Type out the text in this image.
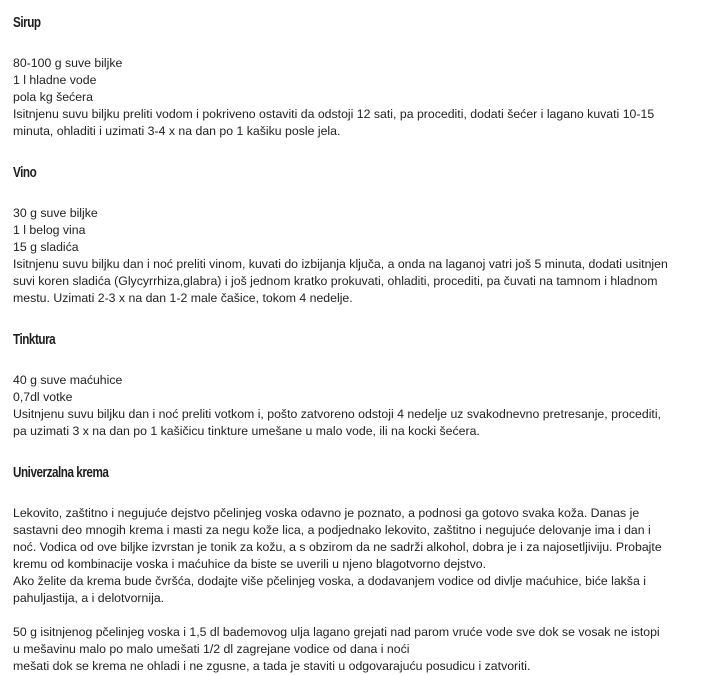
Sirup

80-100 g suve biljke

1 l hladne vode

pola kg šećera

Isitnjenu suvu biljku preliti vodom i pokriveno ostaviti da odstoji 12 sati, pa procediti, dodati šećer i lagano kuvati 10-15

minuta, ohladiti i uzimati 3-4 x na dan po 1 kašiku posle jela.

Vino

30 g suve biljke

1 l belog vina

15 g sladića

Isitnjenu suvu biljku dan i noć preliti vinom, kuvati do izbijanja ključa, a onda na laganoj vatri još 5 minuta, dodati usitnjen

suvi koren sladića (Glycyrrhiza,glabra) i još jednom kratko prokuvati, ohladiti, procediti, pa čuvati na tamnom i hladnom

mestu. Uzimati 2-3 x na dan 1-2 male čašice, tokom 4 nedelje.

Tinktura

40 g suve maćuhice

0,7dl votke

Usitnjenu suvu biljku dan i noć preliti votkom i, pošto zatvoreno odstoji 4 nedelje uz svakodnevno pretresanje, procediti,

pa uzimati 3 x na dan po 1 kašičicu tinkture umešane u malo vode, ili na kocki šećera.

Univerzalna krema

Lekovito, zaštitno i negujuće dejstvo pčelinjeg voska odavno je poznato, a podnosi ga gotovo svaka koža. Danas je

sastavni deo mnogih krema i masti za negu kože lica, a podjednako lekovito, zaštitno i negujuće delovanje ima i dan i

noć. Vodica od ove biljke izvrstan je tonik za kožu, a s obzirom da ne sadrži alkohol, dobra je i za najosetljiviju. Probajte

kremu od kombinacije voska i maćuhice da biste se uverili u njeno blagotvorno dejstvo.

Ako želite da krema bude čvršća, dodajte više pčelinjeg voska, a dodavanjem vodice od divlje maćuhice, biće lakša i

pahuljastija, a i delotvornija.

50 g isitnjenog pčelinjeg voska i 1,5 dl bademovog ulja lagano grejati nad parom vruće vode sve dok se vosak ne istopi

u mešavinu malo po malo umešati 1/2 dl zagrejane vodice od dana i noći

mešati dok se krema ne ohladi i ne zgusne, a tada je staviti u odgovarajuću posudicu i zatvoriti.
